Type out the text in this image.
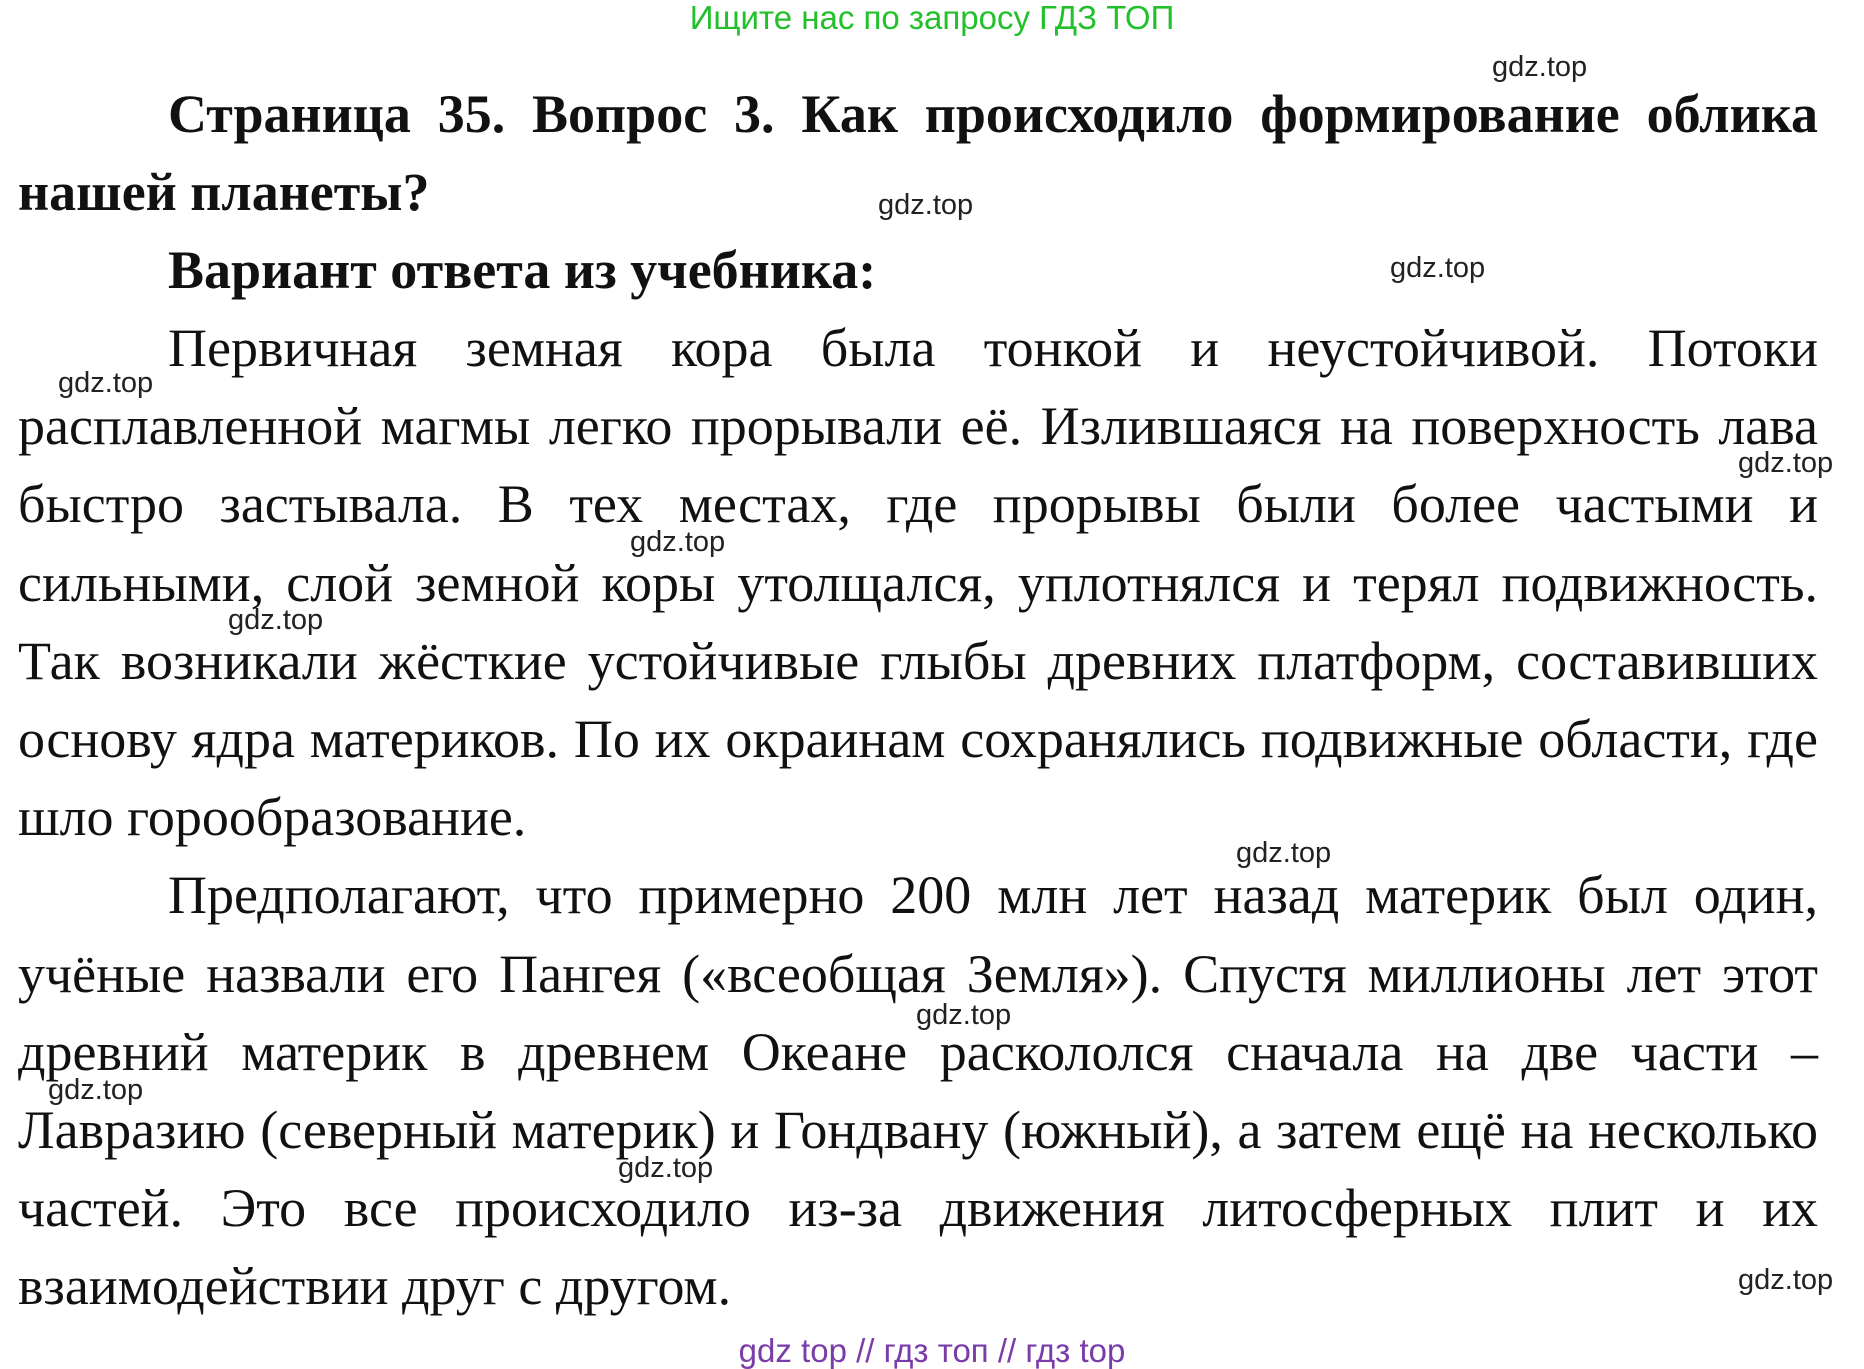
Ищите нас по запросу ГДЗ ТОП

Страница 35. Вопрос 3. Как происходило формирование облика нашей планеты?

Вариант ответа из учебника:

Первичная земная кора была тонкой и неустойчивой. Потоки расплавленной магмы легко прорывали её. Излившаяся на поверхность лава быстро застывала. В тех местах, где прорывы были более частыми и сильными, слой земной коры утолщался, уплотнялся и терял подвижность. Так возникали жёсткие устойчивые глыбы древних платформ, составивших основу ядра материков. По их окраинам сохранялись подвижные области, где шло горообразование.

Предполагают, что примерно 200 млн лет назад материк был один, учёные назвали его Пангея («всеобщая Земля»). Спустя миллионы лет этот древний материк в древнем Океане раскололся сначала на две части – Лавразию (северный материк) и Гондвану (южный), а затем ещё на несколько частей. Это все происходило из-за движения литосферных плит и их взаимодействии друг с другом.

gdz.top
gdz.top
gdz.top
gdz.top
gdz.top
gdz.top
gdz.top
gdz.top
gdz.top
gdz.top
gdz.top
gdz.top
gdz top // гдз топ // гдз top
